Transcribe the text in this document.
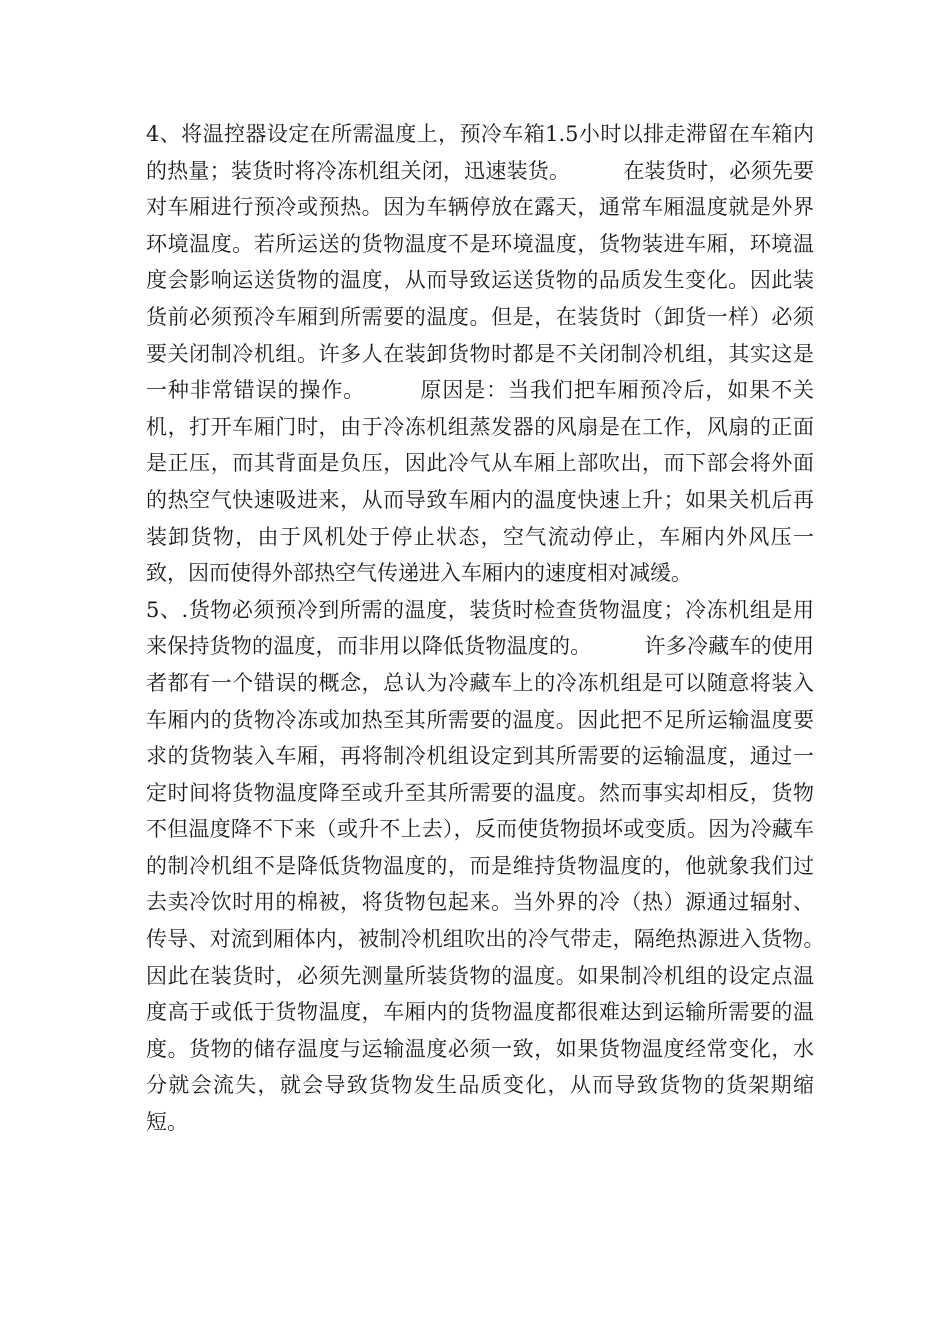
4、将温控器设定在所需温度上，预冷车箱1.5小时以排走滞留在车箱内的热量；装货时将冷冻机组关闭，迅速装货。　　　在装货时，必须先要对车厢进行预冷或预热。因为车辆停放在露天，通常车厢温度就是外界环境温度。若所运送的货物温度不是环境温度，货物装进车厢，环境温度会影响运送货物的温度，从而导致运送货物的品质发生变化。因此装货前必须预冷车厢到所需要的温度。但是，在装货时（卸货一样）必须要关闭制冷机组。许多人在装卸货物时都是不关闭制冷机组，其实这是一种非常错误的操作。　　　原因是：当我们把车厢预冷后，如果不关机，打开车厢门时，由于冷冻机组蒸发器的风扇是在工作，风扇的正面是正压，而其背面是负压，因此冷气从车厢上部吹出，而下部会将外面的热空气快速吸进来，从而导致车厢内的温度快速上升；如果关机后再装卸货物，由于风机处于停止状态，空气流动停止，车厢内外风压一致，因而使得外部热空气传递进入车厢内的速度相对减缓。

5、.货物必须预冷到所需的温度，装货时检查货物温度；冷冻机组是用来保持货物的温度，而非用以降低货物温度的。　　　许多冷藏车的使用者都有一个错误的概念，总认为冷藏车上的冷冻机组是可以随意将装入车厢内的货物冷冻或加热至其所需要的温度。因此把不足所运输温度要求的货物装入车厢，再将制冷机组设定到其所需要的运输温度，通过一定时间将货物温度降至或升至其所需要的温度。然而事实却相反，货物不但温度降不下来（或升不上去），反而使货物损坏或变质。因为冷藏车的制冷机组不是降低货物温度的，而是维持货物温度的，他就象我们过去卖冷饮时用的棉被，将货物包起来。当外界的冷（热）源通过辐射、传导、对流到厢体内，被制冷机组吹出的冷气带走，隔绝热源进入货物。　　　因此在装货时，必须先测量所装货物的温度。如果制冷机组的设定点温度高于或低于货物温度，车厢内的货物温度都很难达到运输所需要的温度。货物的储存温度与运输温度必须一致，如果货物温度经常变化，水分就会流失，就会导致货物发生品质变化，从而导致货物的货架期缩短。
